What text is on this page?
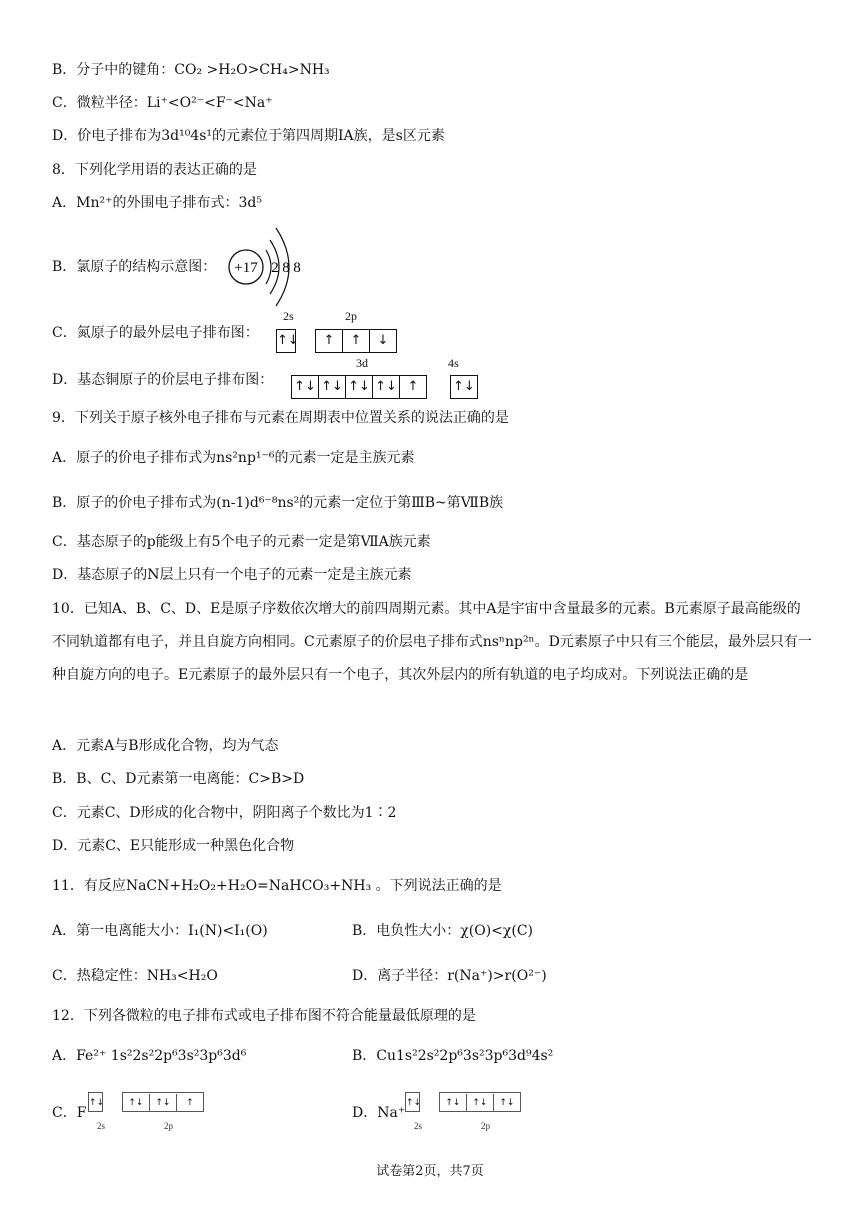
B．分子中的键角：CO₂ >H₂O>CH₄>NH₃
C．微粒半径：Li⁺<O²⁻<F⁻<Na⁺
D．价电子排布为3d¹⁰4s¹的元素位于第四周期ⅠA族，是s区元素
8．下列化学用语的表达正确的是
A．Mn²⁺的外围电子排布式：3d⁵
B．氯原子的结构示意图： +17 2 8 8
C．氮原子的最外层电子排布图：
2s	2p
↑↓ ↑ ↑ ↓
D．基态铜原子的价层电子排布图：
3d	4s
↑↓ ↑↓ ↑↓ ↑↓ ↑	↑↓
9．下列关于原子核外电子排布与元素在周期表中位置关系的说法正确的是
A．原子的价电子排布式为ns²np¹⁻⁶的元素一定是主族元素
B．原子的价电子排布式为(n-1)d⁶⁻⁸ns²的元素一定位于第ⅢB~第ⅦB族
C．基态原子的p能级上有5个电子的元素一定是第ⅦA族元素
D．基态原子的N层上只有一个电子的元素一定是主族元素
10．已知A、B、C、D、E是原子序数依次增大的前四周期元素。其中A是宇宙中含量最多的元素。B元素原子最高能级的不同轨道都有电子，并且自旋方向相同。C元素原子的价层电子排布式nsⁿnp²ⁿ。D元素原子中只有三个能层，最外层只有一种自旋方向的电子。E元素原子的最外层只有一个电子，其次外层内的所有轨道的电子均成对。下列说法正确的是
A．元素A与B形成化合物，均为气态
B．B、C、D元素第一电离能：C>B>D
C．元素C、D形成的化合物中，阴阳离子个数比为1∶2
D．元素C、E只能形成一种黑色化合物
11．有反应NaCN+H₂O₂+H₂O=NaHCO₃+NH₃ 。下列说法正确的是
A．第一电离能大小：I₁(N)<I₁(O)	B．电负性大小：χ(O)<χ(C)
C．热稳定性：NH₃<H₂O	D．离子半径：r(Na⁺)>r(O²⁻)
12．下列各微粒的电子排布式或电子排布图不符合能量最低原理的是
A．Fe²⁺ 1s²2s²2p⁶3s²3p⁶3d⁶	B．Cu1s²2s²2p⁶3s²3p⁶3d⁹4s²
C．F
↑↓	↑↓ ↑↓ ↑
2s	2p
D．Na⁺
↑↓	↑↓ ↑↓ ↑↓
2s	2p
试卷第2页，共7页
